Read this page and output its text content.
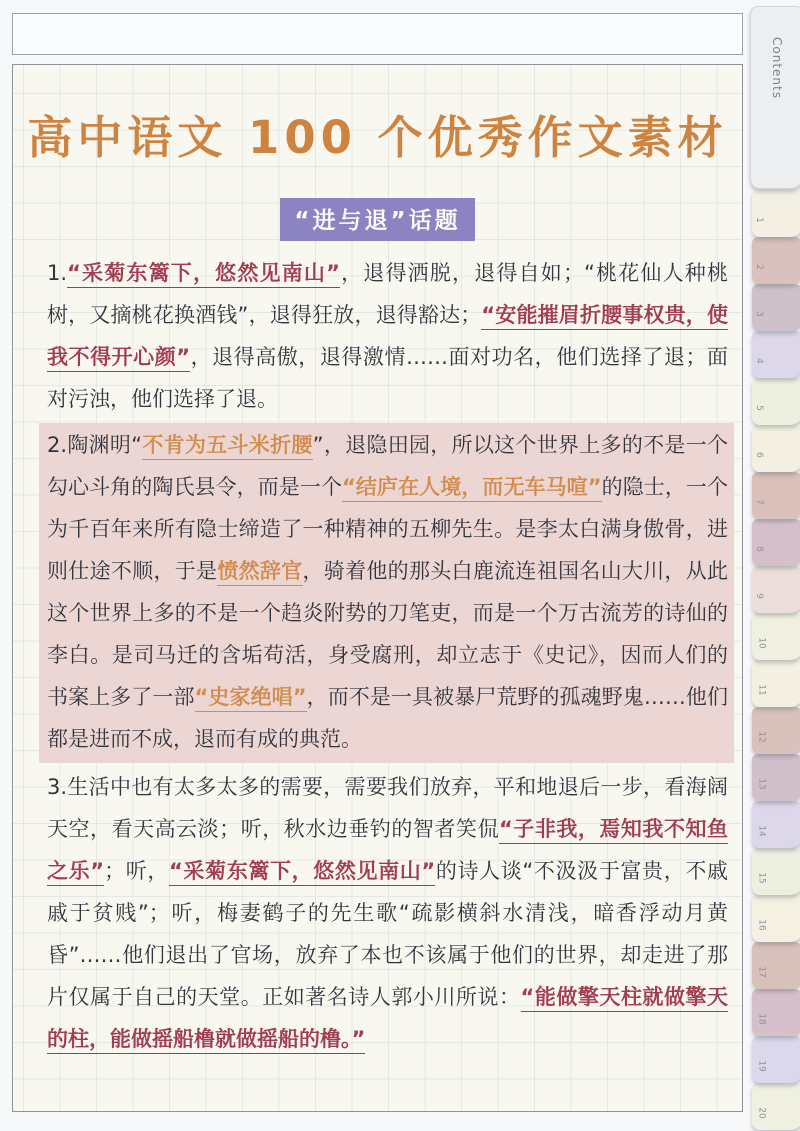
高中语文 100 个优秀作文素材
“进与退”话题
1.“采菊东篱下，悠然见南山”，退得洒脱，退得自如；“桃花仙人种桃树，又摘桃花换酒钱”，退得狂放，退得豁达；“安能摧眉折腰事权贵，使我不得开心颜”，退得高傲，退得激情……面对功名，他们选择了退；面对污浊，他们选择了退。
2.陶渊明“不肯为五斗米折腰”，退隐田园，所以这个世界上多的不是一个勾心斗角的陶氏县令，而是一个“结庐在人境，而无车马喧”的隐士，一个为千百年来所有隐士缔造了一种精神的五柳先生。是李太白满身傲骨，进则仕途不顺，于是愤然辞官，骑着他的那头白鹿流连祖国名山大川，从此这个世界上多的不是一个趋炎附势的刀笔吏，而是一个万古流芳的诗仙的李白。是司马迁的含垢苟活，身受腐刑，却立志于《史记》，因而人们的书案上多了一部“史家绝唱”，而不是一具被暴尸荒野的孤魂野鬼……他们都是进而不成，退而有成的典范。
3.生活中也有太多太多的需要，需要我们放弃，平和地退后一步，看海阔天空，看天高云淡；听，秋水边垂钓的智者笑侃“子非我，焉知我不知鱼之乐”；听，“采菊东篱下，悠然见南山”的诗人谈“不汲汲于富贵，不戚戚于贫贱”；听，梅妻鹤子的先生歌“疏影横斜水清浅，暗香浮动月黄昏”……他们退出了官场，放弃了本也不该属于他们的世界，却走进了那片仅属于自己的天堂。正如著名诗人郭小川所说：“能做擎天柱就做擎天的柱，能做摇船橹就做摇船的橹。”
Contents
1
2
3
4
5
6
7
8
9
10
11
12
13
14
15
16
17
18
19
20
